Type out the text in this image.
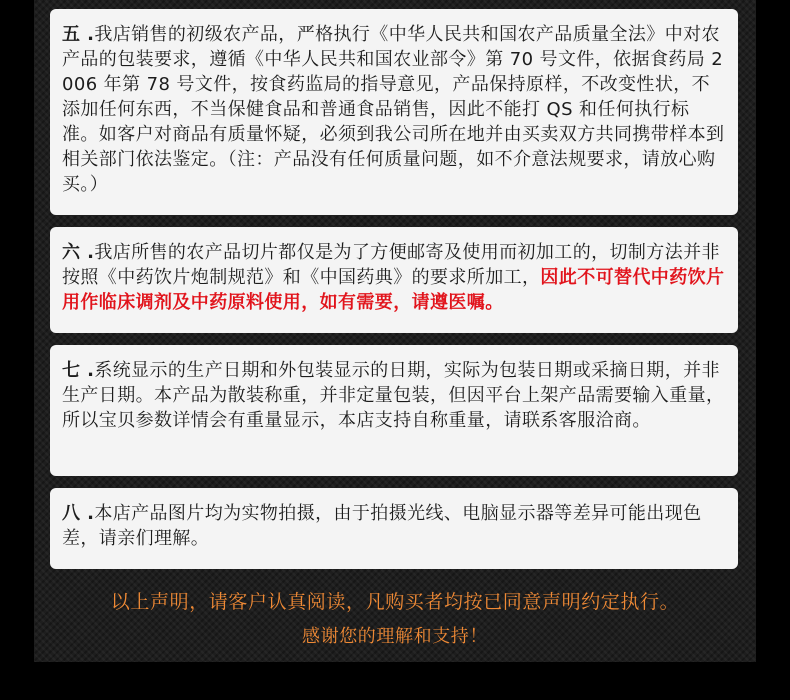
五 .我店销售的初级农产品，严格执行《中华人民共和国农产品质量全法》中对农产品的包装要求，遵循《中华人民共和国农业部令》第 70 号文件，依据食药局 2006 年第 78 号文件，按食药监局的指导意见，产品保持原样，不改变性状，不添加任何东西，不当保健食品和普通食品销售，因此不能打 QS 和任何执行标准。如客户对商品有质量怀疑，必须到我公司所在地并由买卖双方共同携带样本到相关部门依法鉴定。（注：产品没有任何质量问题，如不介意法规要求，请放心购买。）

六 .我店所售的农产品切片都仅是为了方便邮寄及使用而初加工的，切制方法并非按照《中药饮片炮制规范》和《中国药典》的要求所加工，因此不可替代中药饮片用作临床调剂及中药原料使用，如有需要，请遵医嘱。

七 .系统显示的生产日期和外包装显示的日期，实际为包装日期或采摘日期，并非生产日期。本产品为散装称重，并非定量包装，但因平台上架产品需要输入重量，所以宝贝参数详情会有重量显示，本店支持自称重量，请联系客服洽商。

八 .本店产品图片均为实物拍摄，由于拍摄光线、电脑显示器等差异可能出现色差，请亲们理解。

以上声明，请客户认真阅读，凡购买者均按已同意声明约定执行。

感谢您的理解和支持！
